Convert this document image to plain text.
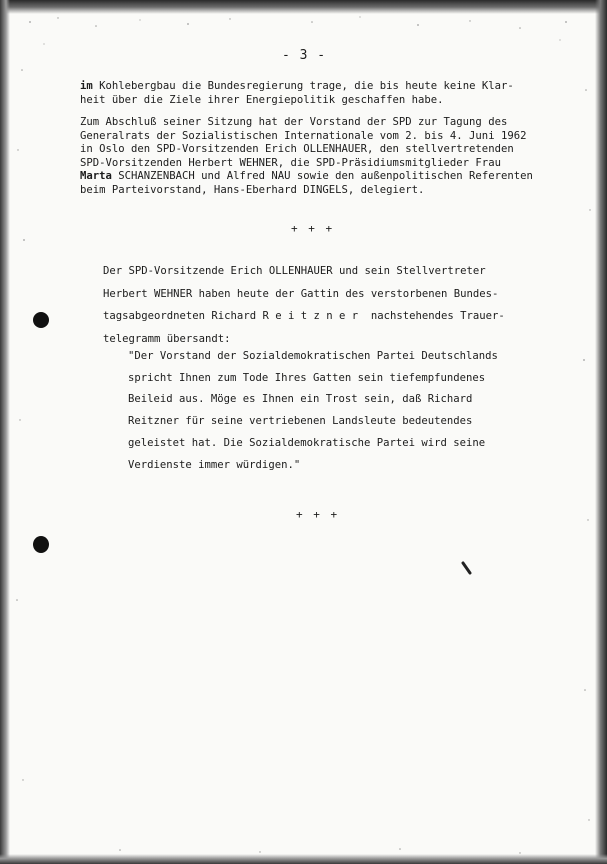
- 3 -
im Kohlebergbau die Bundesregierung trage, die bis heute keine Klar-
heit über die Ziele ihrer Energiepolitik geschaffen habe.
Zum Abschluß seiner Sitzung hat der Vorstand der SPD zur Tagung des
Generalrats der Sozialistischen Internationale vom 2. bis 4. Juni 1962
in Oslo den SPD-Vorsitzenden Erich OLLENHAUER, den stellvertretenden
SPD-Vorsitzenden Herbert WEHNER, die SPD-Präsidiumsmitglieder Frau
Marta SCHANZENBACH und Alfred NAU sowie den außenpolitischen Referenten
beim Parteivorstand, Hans-Eberhard DINGELS, delegiert.
+ + +
Der SPD-Vorsitzende Erich OLLENHAUER und sein Stellvertreter
Herbert WEHNER haben heute der Gattin des verstorbenen Bundes-
tagsabgeordneten Richard R e i t z n e r  nachstehendes Trauer-
telegramm übersandt:
"Der Vorstand der Sozialdemokratischen Partei Deutschlands
spricht Ihnen zum Tode Ihres Gatten sein tiefempfundenes
Beileid aus. Möge es Ihnen ein Trost sein, daß Richard
Reitzner für seine vertriebenen Landsleute bedeutendes
geleistet hat. Die Sozialdemokratische Partei wird seine
Verdienste immer würdigen."
+ + +
